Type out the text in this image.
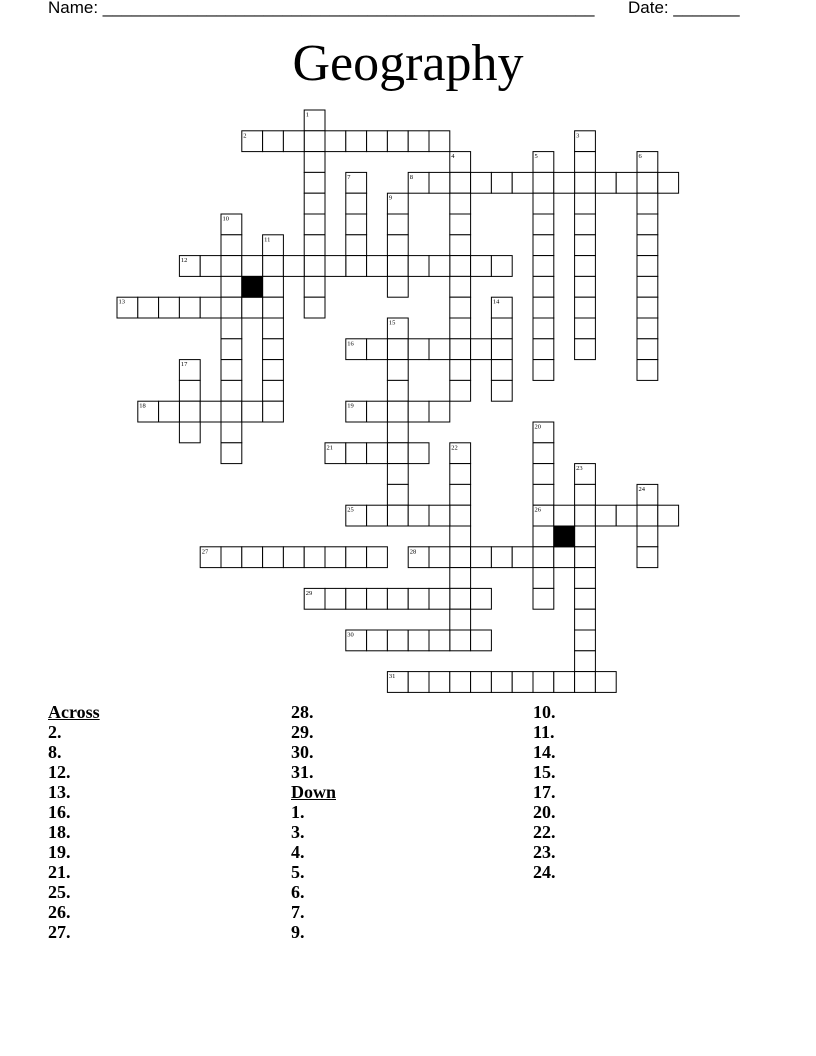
Name: ____________________________________________________ Date: _______
Geography
1
2	3
4	5	6
7	8
9
10
11
12
13	14
15
16
17
18	19
20
21	22
23
24
25	26
27	28
29
30
31
Across
2.
8.
12.
13.
16.
18.
19.
21.
25.
26.
27.
28.
29.
30.
31.
Down
1.
3.
4.
5.
6.
7.
9.
10.
11.
14.
15.
17.
20.
22.
23.
24.
